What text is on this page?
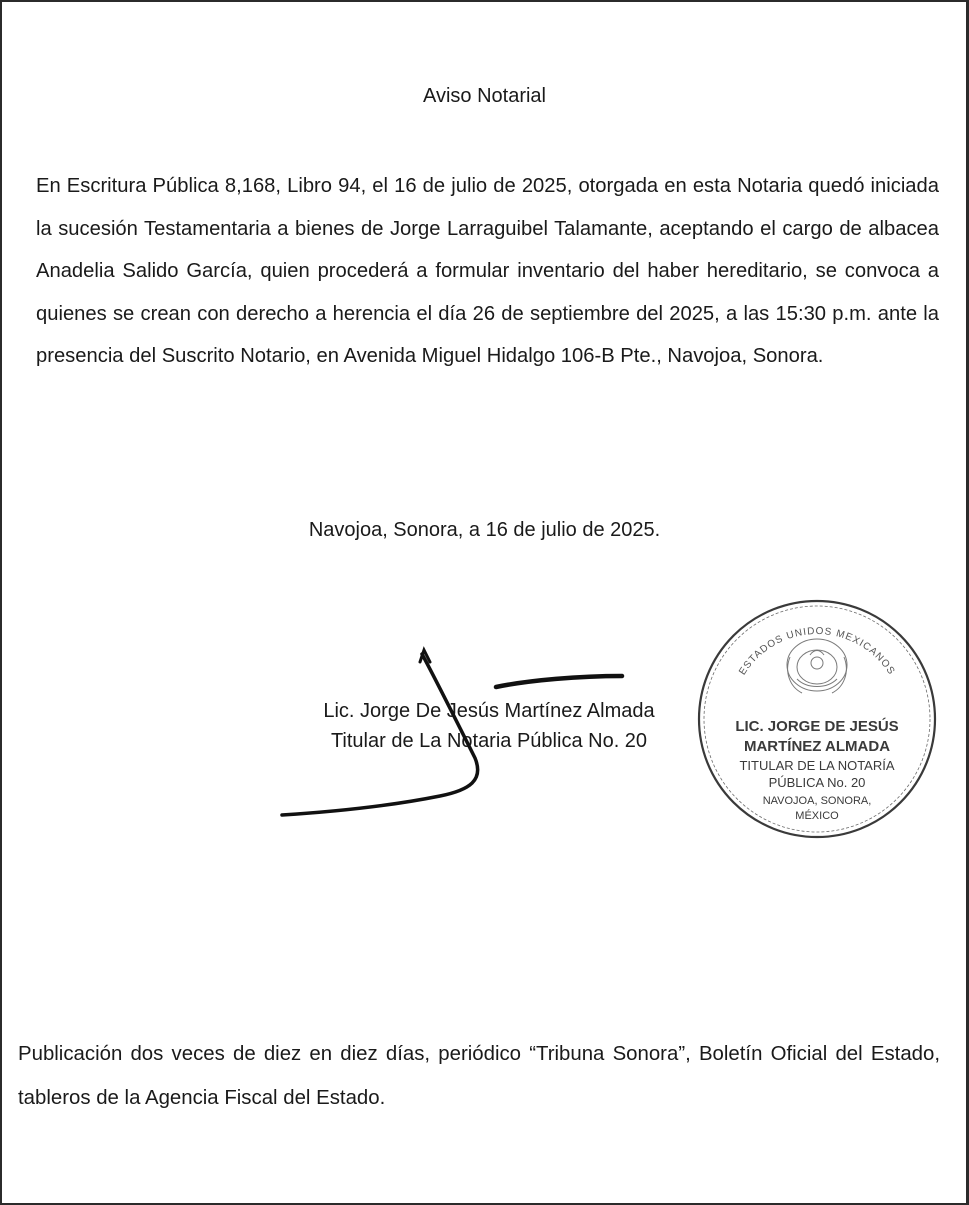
Aviso Notarial
En Escritura Pública 8,168, Libro 94, el 16 de julio de 2025, otorgada en esta Notaria quedó iniciada la sucesión Testamentaria a bienes de Jorge Larraguibel Talamante, aceptando el cargo de albacea Anadelia Salido García, quien procederá a formular inventario del haber hereditario, se convoca a quienes se crean con derecho a herencia el día 26 de septiembre del 2025, a las 15:30 p.m. ante la presencia del Suscrito Notario, en Avenida Miguel Hidalgo 106-B Pte., Navojoa, Sonora.
Navojoa, Sonora, a 16 de julio de 2025.
Lic. Jorge De Jesús Martínez Almada
Titular de La Notaria Pública No. 20
ESTADOS UNIDOS MEXICANOS
LIC. JORGE DE JESÚS
MARTÍNEZ ALMADA
TITULAR DE LA NOTARÍA
PÚBLICA No. 20
NAVOJOA, SONORA,
MÉXICO
Publicación dos veces de diez en diez días, periódico “Tribuna Sonora”, Boletín Oficial del Estado, tableros de la Agencia Fiscal del Estado.
